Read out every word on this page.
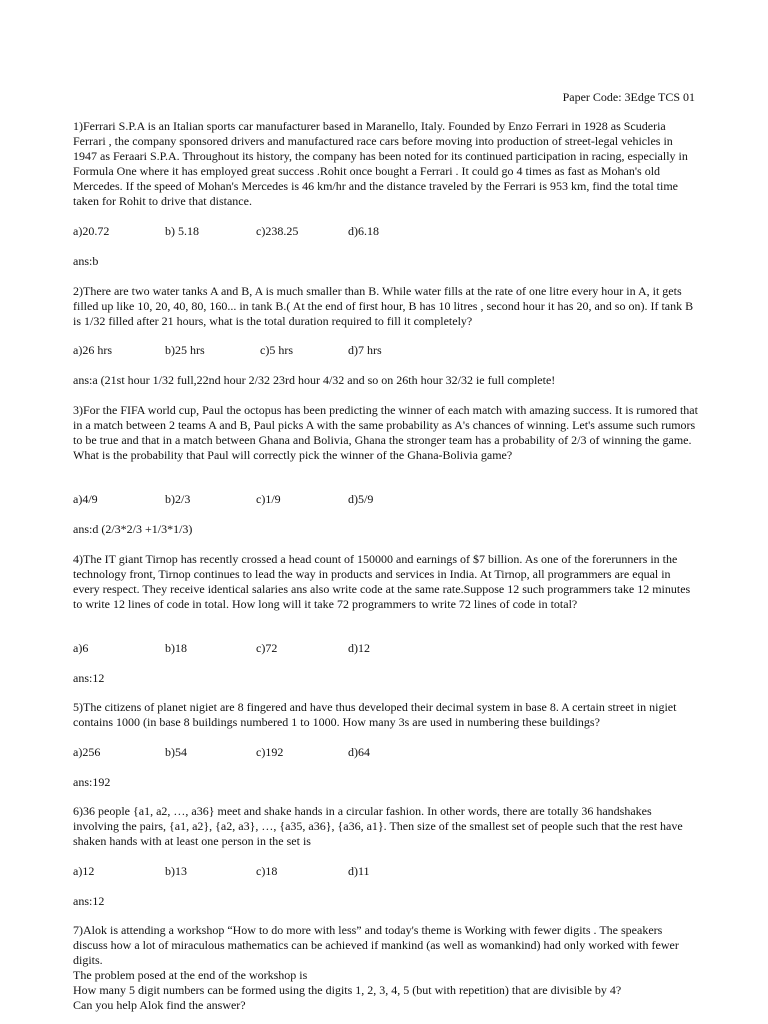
Paper Code: 3Edge TCS 01

1)Ferrari S.P.A is an Italian sports car manufacturer based in Maranello, Italy. Founded by Enzo Ferrari in 1928 as Scuderia Ferrari , the company sponsored drivers and manufactured race cars before moving into production of street-legal vehicles in 1947 as Feraari S.P.A. Throughout its history, the company has been noted for its continued participation in racing, especially in Formula One where it has employed great success .Rohit once bought a Ferrari . It could go 4 times as fast as Mohan's old Mercedes. If the speed of Mohan's Mercedes is 46 km/hr and the distance traveled by the Ferrari is 953 km, find the total time taken for Rohit to drive that distance.

a)20.72	b) 5.18	c)238.25	d)6.18
ans:b

2)There are two water tanks A and B, A is much smaller than B. While water fills at the rate of one litre every hour in A, it gets filled up like 10, 20, 40, 80, 160... in tank B.( At the end of first hour, B has 10 litres , second hour it has 20, and so on). If tank B is 1/32 filled after 21 hours, what is the total duration required to fill it completely?

a)26 hrs	b)25 hrs	c)5 hrs	d)7 hrs
ans:a (21st hour 1/32 full,22nd hour 2/32 23rd hour 4/32 and so on 26th hour 32/32 ie full complete!

3)For the FIFA world cup, Paul the octopus has been predicting the winner of each match with amazing success. It is rumored that in a match between 2 teams A and B, Paul picks A with the same probability as A's chances of winning. Let's assume such rumors to be true and that in a match between Ghana and Bolivia, Ghana the stronger team has a probability of 2/3 of winning the game. What is the probability that Paul will correctly pick the winner of the Ghana-Bolivia game?

a)4/9	b)2/3	c)1/9	d)5/9
ans:d (2/3*2/3 +1/3*1/3)

4)The IT giant Tirnop has recently crossed a head count of 150000 and earnings of $7 billion. As one of the forerunners in the technology front, Tirnop continues to lead the way in products and services in India. At Tirnop, all programmers are equal in every respect. They receive identical salaries ans also write code at the same rate.Suppose 12 such programmers take 12 minutes to write 12 lines of code in total. How long will it take 72 programmers to write 72 lines of code in total?

a)6	b)18	c)72	d)12
ans:12

5)The citizens of planet nigiet are 8 fingered and have thus developed their decimal system in base 8. A certain street in nigiet contains 1000 (in base 8 buildings numbered 1 to 1000. How many 3s are used in numbering these buildings?

a)256	b)54	c)192	d)64
ans:192

6)36 people {a1, a2, …, a36} meet and shake hands in a circular fashion. In other words, there are totally 36 handshakes involving the pairs, {a1, a2}, {a2, a3}, …, {a35, a36}, {a36, a1}. Then size of the smallest set of people such that the rest have shaken hands with at least one person in the set is

a)12	b)13	c)18	d)11
ans:12

7)Alok is attending a workshop “How to do more with less” and today's theme is Working with fewer digits . The speakers discuss how a lot of miraculous mathematics can be achieved if mankind (as well as womankind) had only worked with fewer digits.

The problem posed at the end of the workshop is

How many 5 digit numbers can be formed using the digits 1, 2, 3, 4, 5 (but with repetition) that are divisible by 4?

Can you help Alok find the answer?
